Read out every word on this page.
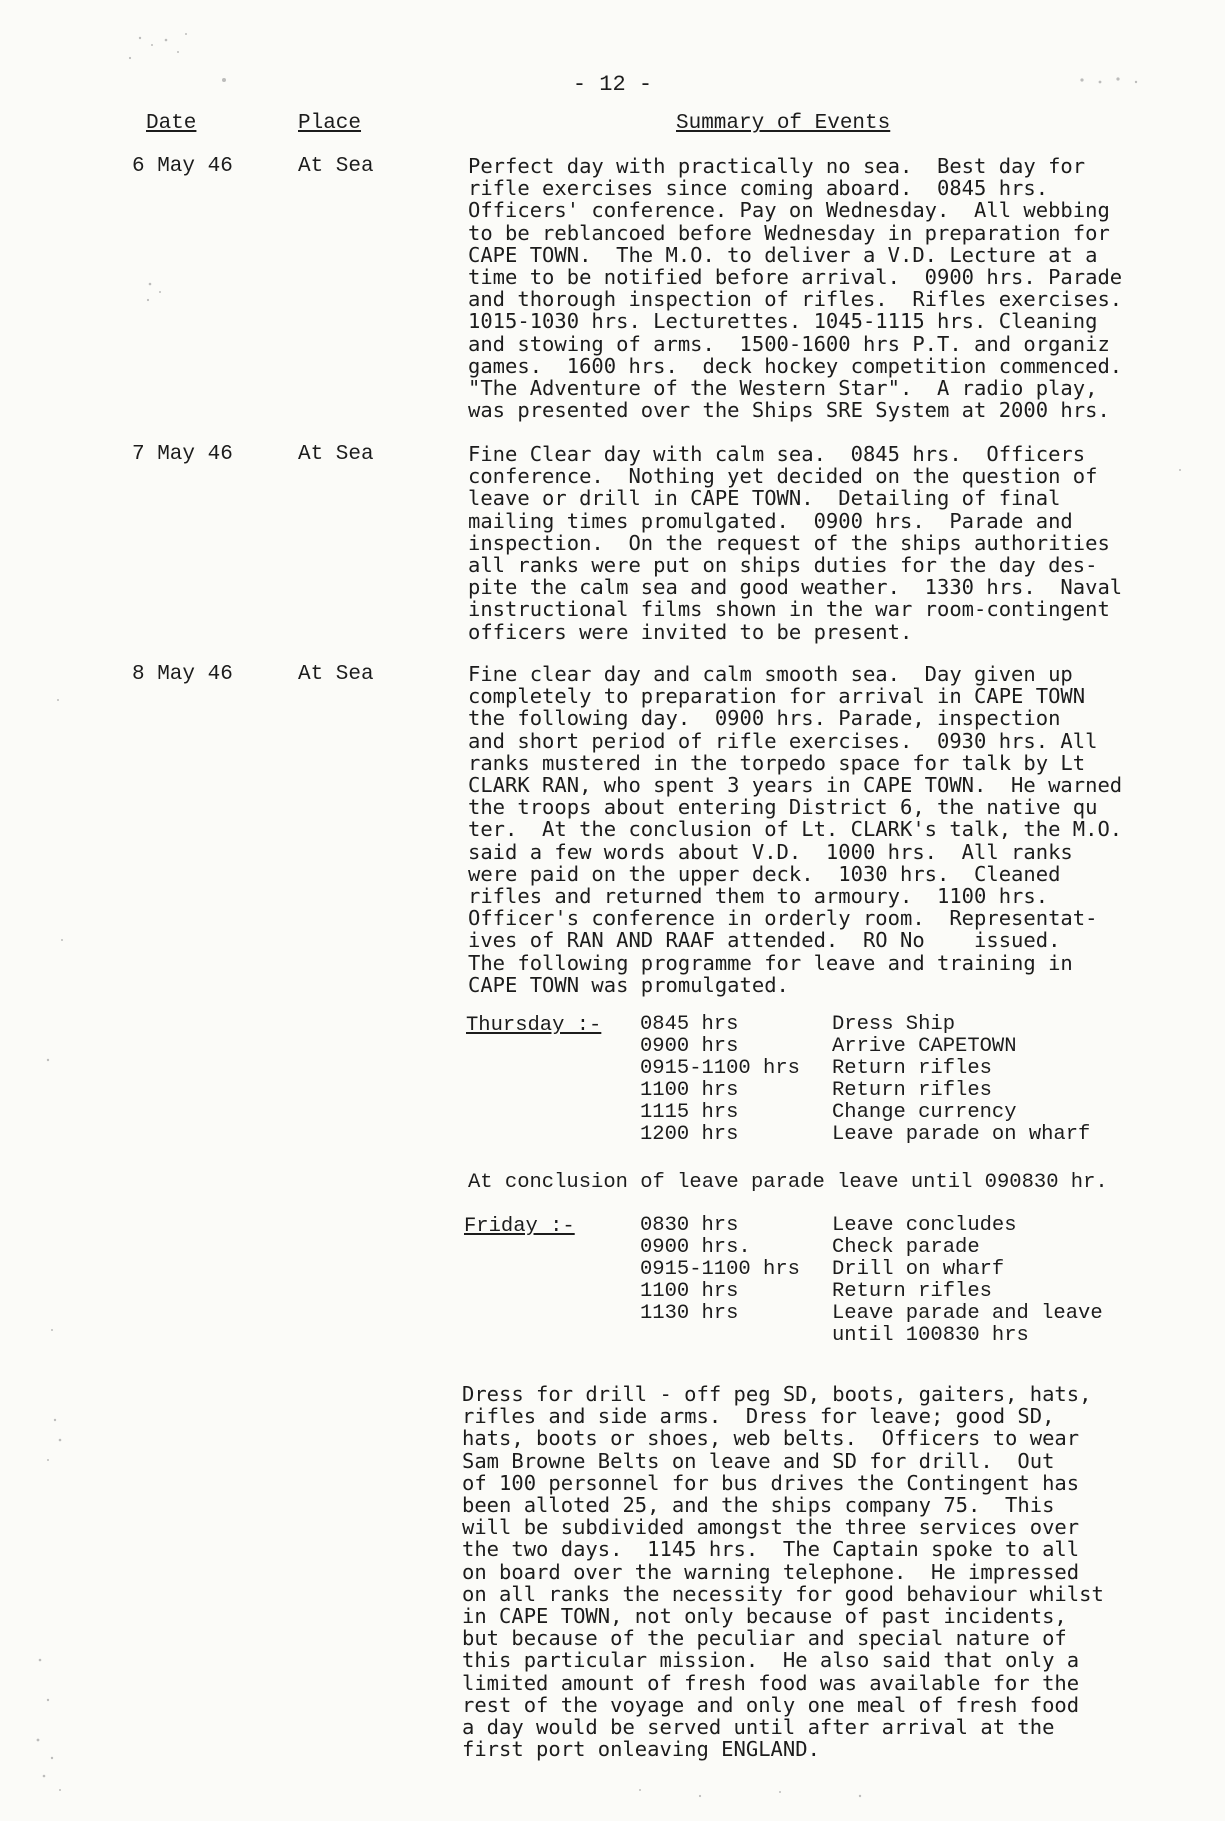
- 12 -
Date	Place	Summary of Events
6 May 46	At Sea	Perfect day with practically no sea.  Best day for
rifle exercises since coming aboard.  0845 hrs.
Officers' conference. Pay on Wednesday.  All webbing
to be reblancoed before Wednesday in preparation for
CAPE TOWN.  The M.O. to deliver a V.D. Lecture at a
time to be notified before arrival.  0900 hrs. Parade
and thorough inspection of rifles.  Rifles exercises.
1015-1030 hrs. Lecturettes. 1045-1115 hrs. Cleaning
and stowing of arms.  1500-1600 hrs P.T. and organiz
games.  1600 hrs.  deck hockey competition commenced.
"The Adventure of the Western Star".  A radio play,
was presented over the Ships SRE System at 2000 hrs.
7 May 46	At Sea	Fine Clear day with calm sea.  0845 hrs.  Officers
conference.  Nothing yet decided on the question of
leave or drill in CAPE TOWN.  Detailing of final
mailing times promulgated.  0900 hrs.  Parade and
inspection.  On the request of the ships authorities
all ranks were put on ships duties for the day des-
pite the calm sea and good weather.  1330 hrs.  Naval
instructional films shown in the war room-contingent
officers were invited to be present.
8 May 46	At Sea	Fine clear day and calm smooth sea.  Day given up
completely to preparation for arrival in CAPE TOWN
the following day.  0900 hrs. Parade, inspection
and short period of rifle exercises.  0930 hrs. All
ranks mustered in the torpedo space for talk by Lt
CLARK RAN, who spent 3 years in CAPE TOWN.  He warned
the troops about entering District 6, the native qu
ter.  At the conclusion of Lt. CLARK's talk, the M.O.
said a few words about V.D.  1000 hrs.  All ranks
were paid on the upper deck.  1030 hrs.  Cleaned
rifles and returned them to armoury.  1100 hrs.
Officer's conference in orderly room.  Representat-
ives of RAN AND RAAF attended.  RO No    issued.
The following programme for leave and training in
CAPE TOWN was promulgated.
Thursday :- 0845 hrs	Dress Ship
0900 hrs	Arrive CAPETOWN
0915-1100 hrs Return rifles
1100 hrs	Return rifles
1115 hrs	Change currency
1200 hrs	Leave parade on wharf
At conclusion of leave parade leave until 090830 hr.
Friday :-	0830 hrs	Leave concludes
0900 hrs.	Check parade
0915-1100 hrs Drill on wharf
1100 hrs	Return rifles
1130 hrs	Leave parade and leave
until 100830 hrs
Dress for drill - off peg SD, boots, gaiters, hats,
rifles and side arms.  Dress for leave; good SD,
hats, boots or shoes, web belts.  Officers to wear
Sam Browne Belts on leave and SD for drill.  Out
of 100 personnel for bus drives the Contingent has
been alloted 25, and the ships company 75.  This
will be subdivided amongst the three services over
the two days.  1145 hrs.  The Captain spoke to all
on board over the warning telephone.  He impressed
on all ranks the necessity for good behaviour whilst
in CAPE TOWN, not only because of past incidents,
but because of the peculiar and special nature of
this particular mission.  He also said that only a
limited amount of fresh food was available for the
rest of the voyage and only one meal of fresh food
a day would be served until after arrival at the
first port onleaving ENGLAND.
